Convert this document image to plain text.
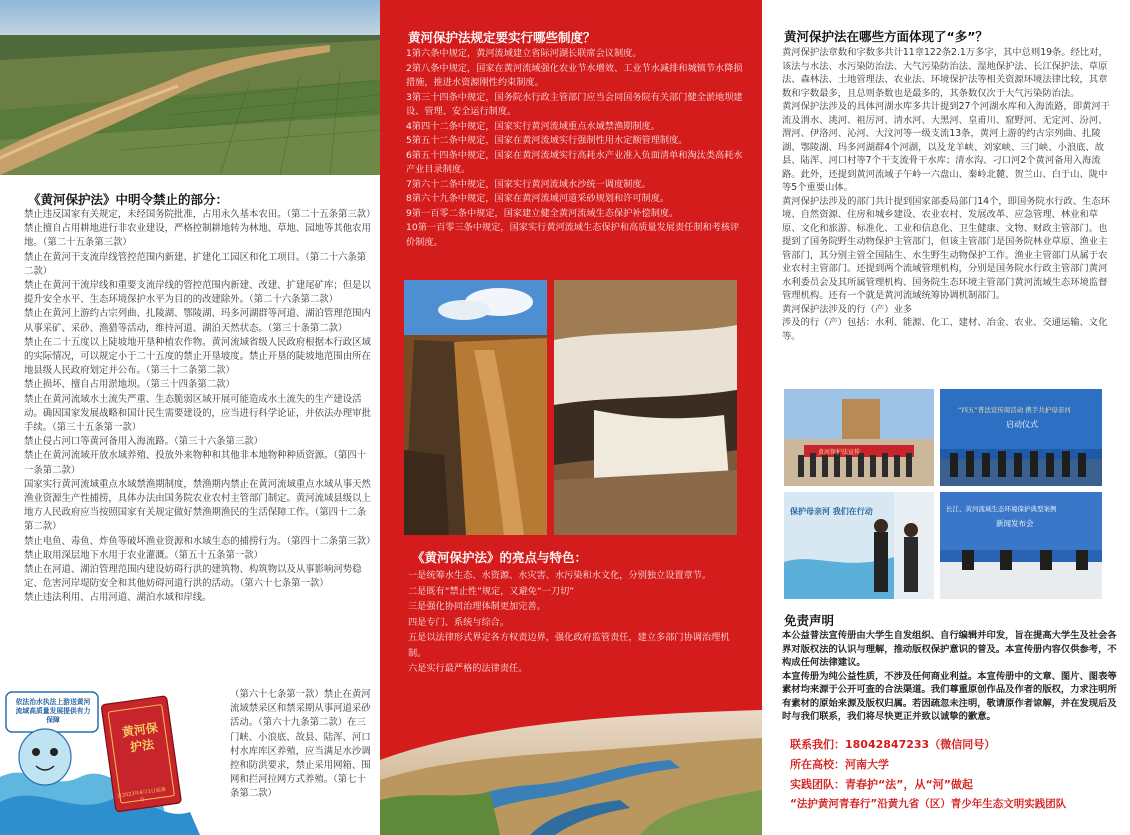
《黄河保护法》中明令禁止的部分：

禁止违反国家有关规定，未经国务院批准，占用永久基本农田。（第二十五条第三款）

禁止擅自占用耕地进行非农业建设，严格控制耕地转为林地、草地、园地等其他农用地。（第二十五条第三款）

禁止在黄河干支流岸线管控范围内新建、扩建化工园区和化工项目。（第二十六条第二款）

禁止在黄河干流岸线和重要支流岸线的管控范围内新建、改建、扩建尾矿库；但是以提升安全水平、生态环境保护水平为目的的改建除外。（第二十六条第二款）

禁止在黄河上游约古宗列曲、扎陵湖、鄂陵湖、玛多河湖群等河道、湖泊管理范围内从事采矿、采砂、渔猎等活动，维持河道、湖泊天然状态。（第三十条第二款）

禁止在二十五度以上陡坡地开垦种植农作物。黄河流域省级人民政府根据本行政区域的实际情况，可以规定小于二十五度的禁止开垦坡度。禁止开垦的陡坡地范围由所在地县级人民政府划定并公布。（第三十二条第二款）

禁止损坏、擅自占用淤地坝。（第三十四条第二款）

禁止在黄河流域水土流失严重、生态脆弱区域开展可能造成水土流失的生产建设活动。确因国家发展战略和国计民生需要建设的，应当进行科学论证，并依法办理审批手续。（第三十五条第一款）

禁止侵占河口等黄河备用入海流路。（第三十六条第三款）

禁止在黄河流域开放水域养殖、投放外来物种和其他非本地物种种质资源。（第四十一条第二款）

国家实行黄河流域重点水域禁渔期制度，禁渔期内禁止在黄河流域重点水域从事天然渔业资源生产性捕捞，具体办法由国务院农业农村主管部门制定。黄河流域县级以上地方人民政府应当按照国家有关规定做好禁渔期渔民的生活保障工作。（第四十二条第二款）

禁止电鱼、毒鱼、炸鱼等破坏渔业资源和水域生态的捕捞行为。（第四十二条第三款）

禁止取用深层地下水用于农业灌溉。（第五十五条第一款）

禁止在河道、湖泊管理范围内建设妨碍行洪的建筑物、构筑物以及从事影响河势稳定、危害河岸堤防安全和其他妨碍河道行洪的活动。（第六十七条第一款）

禁止违法利用、占用河道、湖泊水域和岸线。

依法治水执法上游送黄河流域高质量发展提供有力保障
黄河保护法
自2023年4月1日起施行
（第六十七条第一款）禁止在黄河流域禁采区和禁采期从事河道采砂活动。（第六十九条第二款）在三门峡、小浪底、故县、陆浑、河口村水库库区养殖，应当满足水沙调控和防洪要求，禁止采用网箱、围网和拦河拉网方式养殖。（第七十条第二款）
黄河保护法规定要实行哪些制度？

1第六条中规定，黄河流域建立省际河湖长联席会议制度。

2第八条中规定，国家在黄河流域强化农业节水增效、工业节水减排和城镇节水降损措施，推进水资源刚性约束制度。

3第三十四条中规定，国务院水行政主管部门应当会同国务院有关部门健全淤地坝建设、管理、安全运行制度。

4第四十二条中规定，国家实行黄河流域重点水域禁渔期制度。

5第五十二条中规定，国家在黄河流域实行强制性用水定额管理制度。

6第五十四条中规定，国家在黄河流域实行高耗水产业准入负面清单和淘汰类高耗水产业目录制度。

7第六十二条中规定，国家实行黄河流域水沙统一调度制度。

8第六十九条中规定，国家在黄河流域河道采砂规划和许可制度。

9第一百零二条中规定，国家建立健全黄河流域生态保护补偿制度。

10第一百零三条中规定，国家实行黄河流域生态保护和高质量发展责任制和考核评价制度。

《黄河保护法》的亮点与特色：

一是统筹水生态、水资源、水灾害、水污染和水文化，分别独立设置章节。

二是既有“禁止性”规定，又避免“一刀切”

三是强化协同治理体制更加完善。

四是专门、系统与综合。

五是以法律形式界定各方权责边界，强化政府监管责任，建立多部门协调治理机制。

六是实行最严格的法律责任。

黄河保护法在哪些方面体现了“多”？

黄河保护法章数和字数多共计11章122条2.1万多字，其中总则19条。经比对，该法与水法、水污染防治法、大气污染防治法、湿地保护法、长江保护法、草原法、森林法、土地管理法、农业法、环境保护法等相关资源环境法律比较，其章数和字数最多，且总则条数也是最多的，其条数仅次于大气污染防治法。

黄河保护法涉及的具体河湖水库多共计提到27个河湖水库和入海流路，即黄河干流及渭水、洮河、祖厉河、清水河、大黑河、皇甫川、窟野河、无定河、汾河、渭河、伊洛河、沁河、大汶河等一级支流13条，黄河上游的约古宗列曲、扎陵湖、鄂陵湖、玛多河湖群4个河湖，以及龙羊峡、刘家峡、三门峡、小浪底、故县、陆浑、河口村等7个干支流骨干水库；清水沟、刁口河2个黄河备用入海流路。此外，还提到黄河流域子午岭一六盘山、秦岭北麓、贺兰山、白于山、陇中等5个重要山体。

黄河保护法涉及的部门共计提到国家部委局部门14个，即国务院水行政、生态环境、自然资源、住房和城乡建设、农业农村、发展改革、应急管理、林业和草原、文化和旅游、标准化、工业和信息化、卫生健康、文物、财政主管部门。也提到了国务院野生动物保护主管部门，但该主管部门是国务院林业草原、渔业主管部门，其分别主管全国陆生、水生野生动物保护工作。渔业主管部门从属于农业农村主管部门。还提到两个流域管理机构，分别是国务院水行政主管部门黄河水利委员会及其所属管理机构、国务院生态环境主管部门黄河流域生态环境监督管理机构。还有一个就是黄河流域统筹协调机制部门。

黄河保护法涉及的行（产）业多

涉及的行（产）包括：水利、能源、化工、建材、冶金、农业、交通运输、文化等。

黄河保护法宣传
“四五”普法宣传周活动 携手共护母亲河
启动仪式
保护母亲河 我们在行动	长江、黄河流域生态环境保护典型案例
新闻发布会
免责声明

本公益普法宣传册由大学生自发组织、自行编辑并印发，旨在提高大学生及社会各界对版权法的认识与理解，推动版权保护意识的普及。本宣传册内容仅供参考，不构成任何法律建议。

本宣传册为纯公益性质，不涉及任何商业利益。本宣传册中的文章、图片、图表等素材均来源于公开可查的合法渠道。我们尊重原创作品及作者的版权，力求注明所有素材的原始来源及版权归属。若因疏忽未注明，敬请原作者谅解，并在发现后及时与我们联系，我们将尽快更正并致以诚挚的歉意。

联系我们：18042847233（微信同号）
所在高校：河南大学
实践团队：青春护“法”，从“河”做起
“法护黄河青春行”沿黄九省（区）青少年生态文明实践团队
